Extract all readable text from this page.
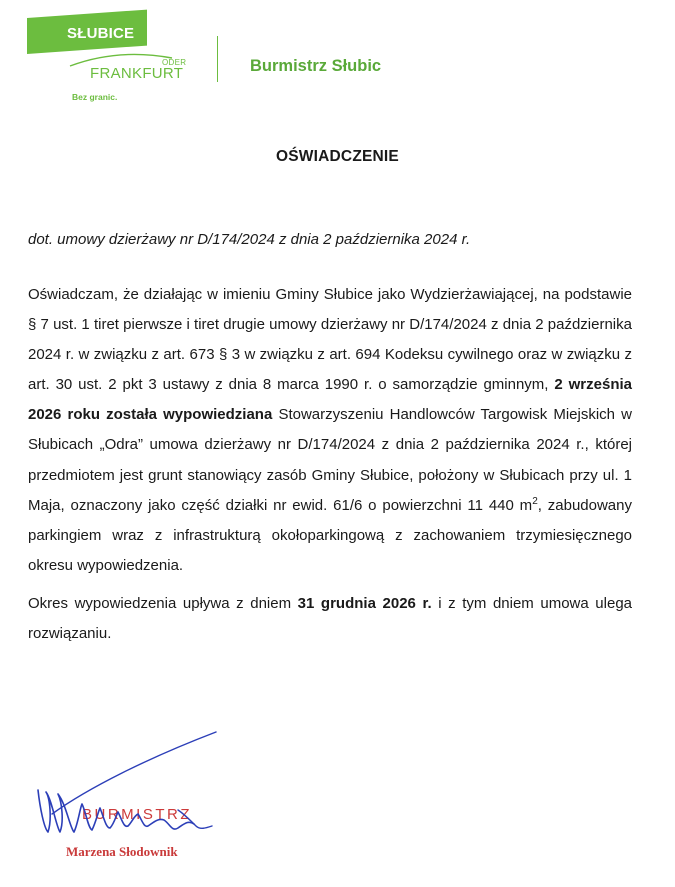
SŁUBICE
ODER
FRANKFURT
Bez granic.
Burmistrz Słubic
OŚWIADCZENIE
dot. umowy dzierżawy nr D/174/2024 z dnia 2 października 2024 r.

Oświadczam, że działając w imieniu Gminy Słubice jako Wydzierżawiającej, na podstawie § 7 ust. 1 tiret pierwsze i tiret drugie umowy dzierżawy nr D/174/2024 z dnia 2 października 2024 r. w związku z art. 673 § 3 w związku z art. 694 Kodeksu cywilnego oraz w związku z art. 30 ust. 2 pkt 3 ustawy z dnia 8 marca 1990 r. o samorządzie gminnym, 2 września 2026 roku została wypowiedziana Stowarzyszeniu Handlowców Targowisk Miejskich w Słubicach „Odra” umowa dzierżawy nr D/174/2024 z dnia 2 października 2024 r., której przedmiotem jest grunt stanowiący zasób Gminy Słubice, położony w Słubicach przy ul. 1 Maja, oznaczony jako część działki nr ewid. 61/6 o powierzchni 11 440 $m^2$, zabudowany parkingiem wraz z infrastrukturą okołoparkingową z zachowaniem trzymiesięcznego okresu wypowiedzenia.

Okres wypowiedzenia upływa z dniem 31 grudnia 2026 r. i z tym dniem umowa ulega rozwiązaniu.

BURMISTRZ
Marzena Słodownik
